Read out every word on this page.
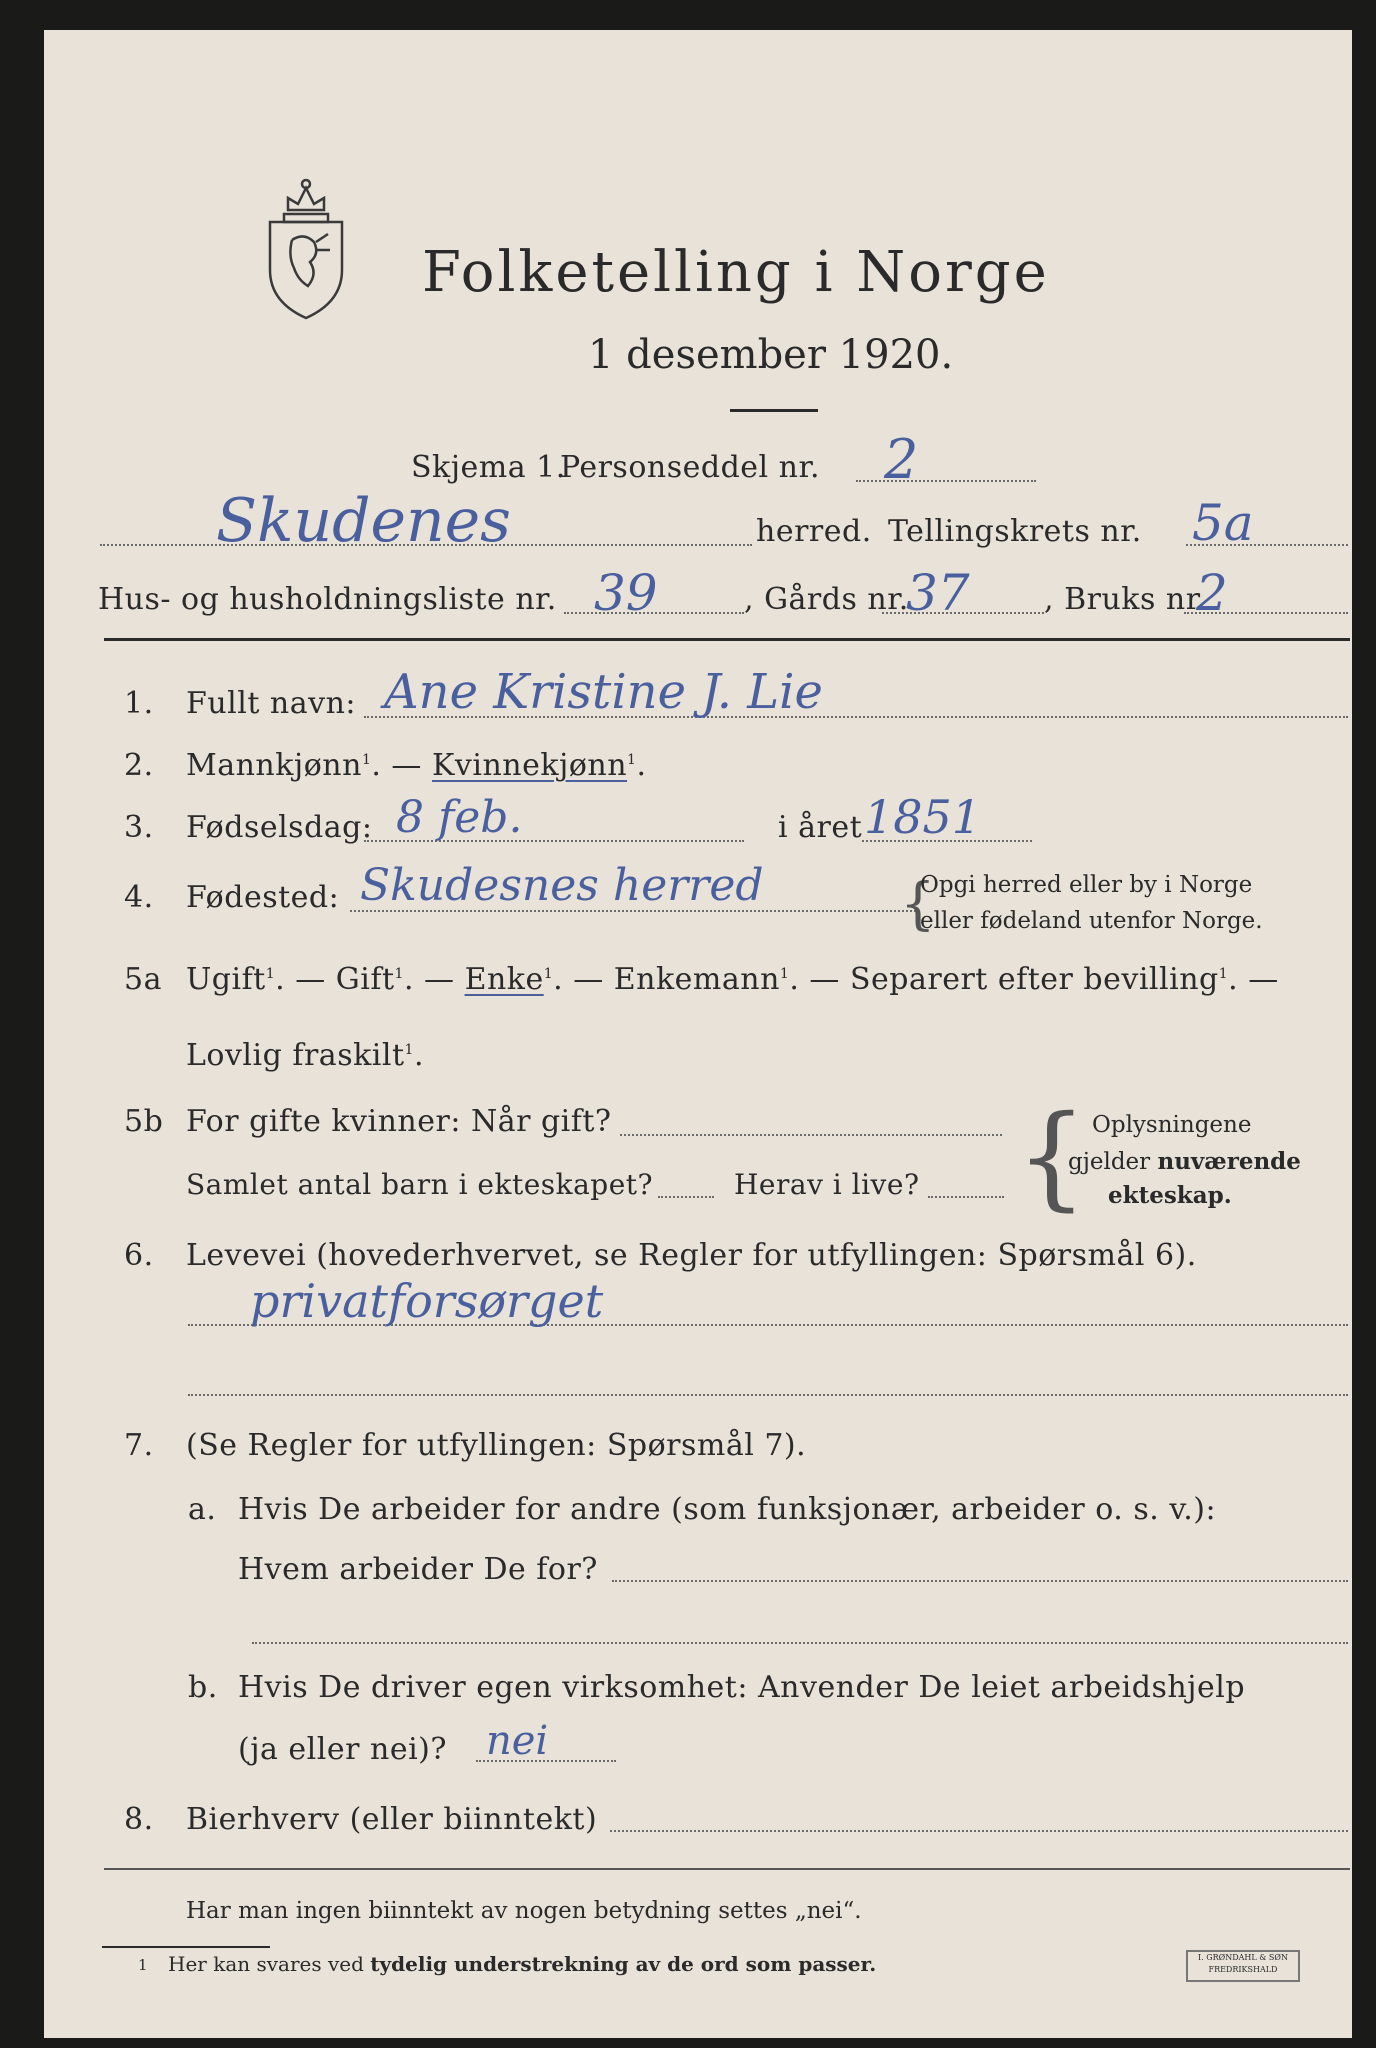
Folketelling i Norge
1 desember 1920.
Skjema 1.
Personseddel nr. 2
Skudenes	herred. Tellingskrets nr. 5a
Hus- og husholdningsliste nr. 39	, Gårds nr.
37 , Bruks nr.
2
1. Fullt navn: Ane Kristine J. Lie
2. Mannkjønn$^1$. — Kvinnekjønn$^1$.
3. Fødselsdag: 8 feb.	i året 1851
4. Fødested: Skudesnes herred {
Opgi herred eller by i Norge
eller fødeland utenfor Norge.
5a Ugift$^1$. — Gift$^1$. — Enke$^1$. — Enkemann$^1$. — Separert efter bevilling$^1$. —
Lovlig fraskilt$^1$.
5b For gifte kvinner: Når gift?
Samlet antal barn i ekteskapet?	Herav i live? { Oplysningene
gjelder nuværende
ekteskap.
6. Levevei (hovederhvervet, se Regler for utfyllingen: Spørsmål 6).
privatforsørget
7. (Se Regler for utfyllingen: Spørsmål 7).
a. Hvis De arbeider for andre (som funksjonær, arbeider o. s. v.):
Hvem arbeider De for?
b. Hvis De driver egen virksomhet: Anvender De leiet arbeidshjelp
(ja eller nei)? nei
8. Bierhverv (eller biinntekt)
Har man ingen biinntekt av nogen betydning settes „nei“.
1 Her kan svares ved tydelig understrekning av de ord som passer.	I. GRØNDAHL & SØN
FREDRIKSHALD
